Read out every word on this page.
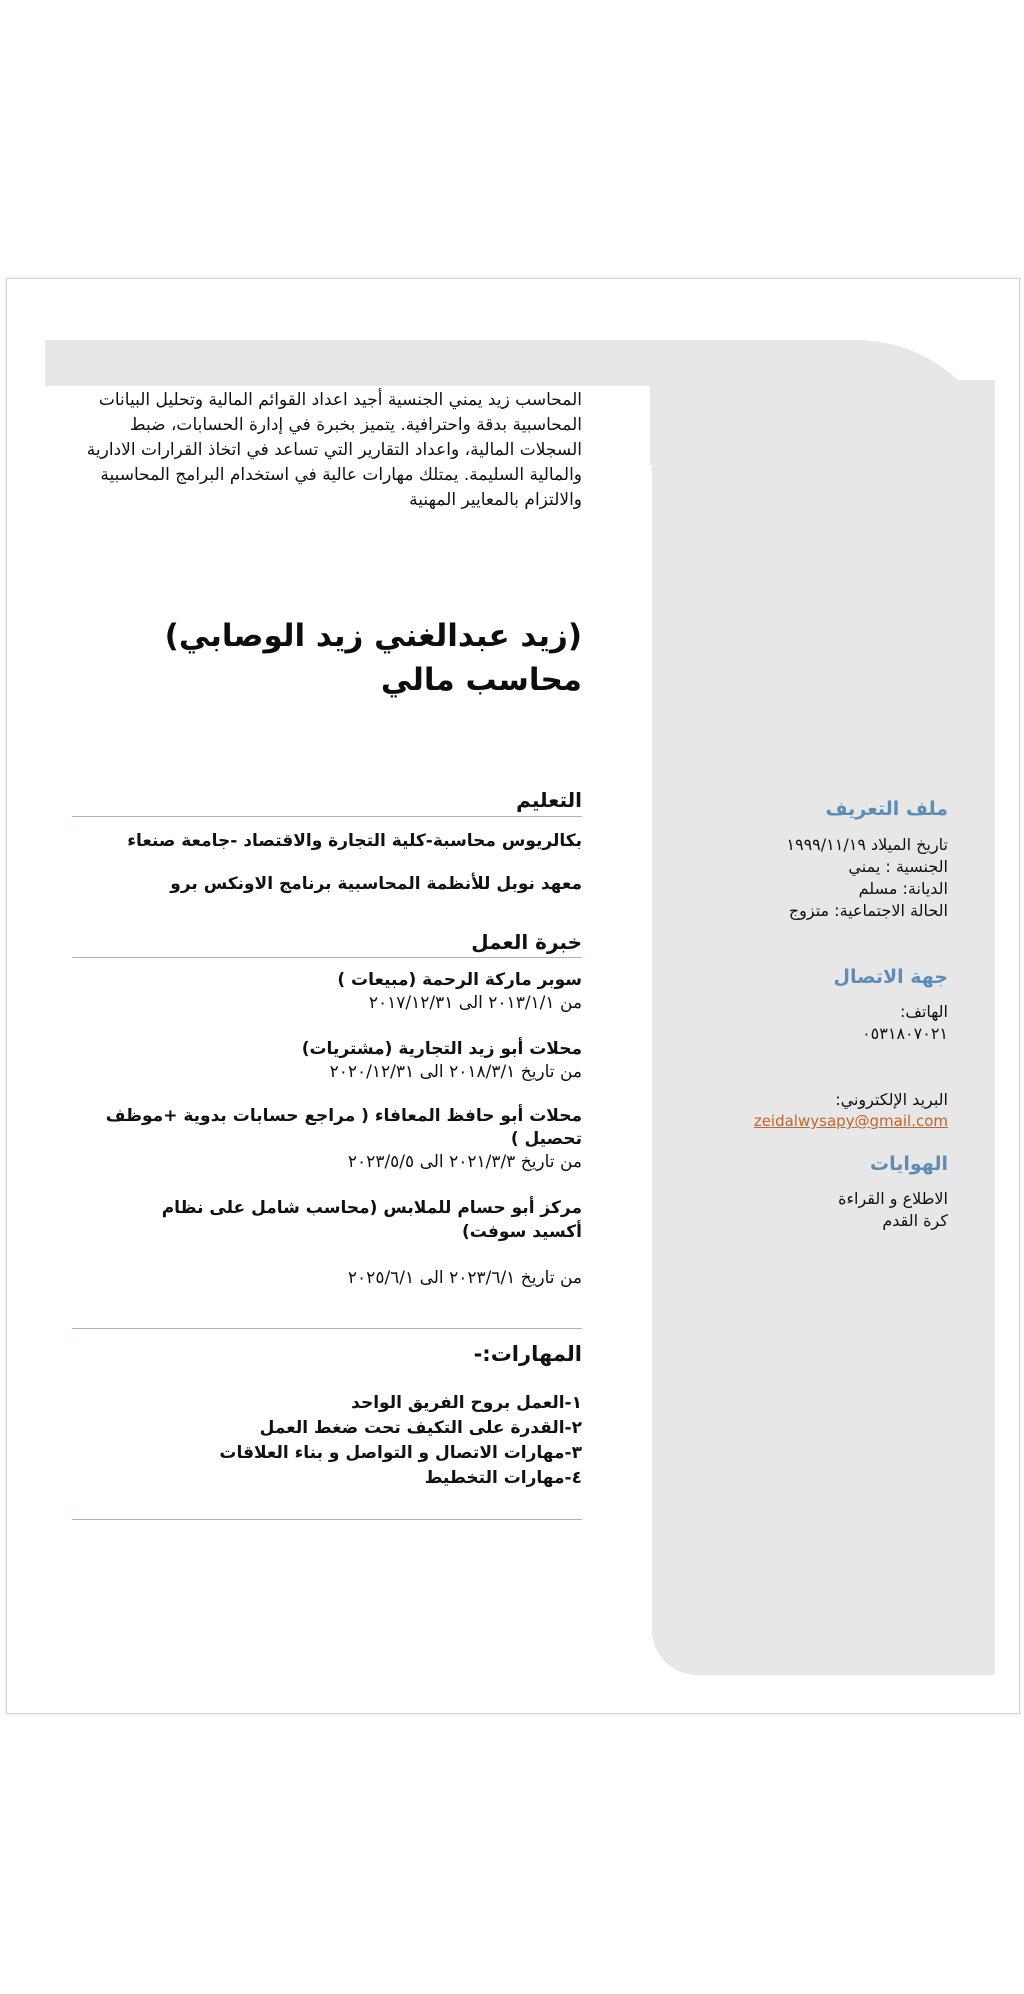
المحاسب زيد يمني الجنسية أجيد اعداد القوائم المالية وتحليل البيانات المحاسبية بدقة واحترافية. يتميز بخبرة في إدارة الحسابات، ضبط السجلات المالية، واعداد التقارير التي تساعد في اتخاذ القرارات الادارية والمالية السليمة. يمتلك مهارات عالية في استخدام البرامج المحاسبية والالتزام بالمعايير المهنية
(زيد عبدالغني زيد الوصابي)
محاسب مالي
التعليم
بكالريوس محاسبة-كلية التجارة والاقتصاد -جامعة صنعاء
معهد نوبل للأنظمة المحاسبية برنامج الاونكس برو
خبرة العمل
سوبر ماركة الرحمة (مبيعات )
من ٢٠١٣/١/١ الى ٢٠١٧/١٢/٣١
محلات أبو زيد التجارية (مشتريات)
من تاريخ ٢٠١٨/٣/١ الى ٢٠٢٠/١٢/٣١
محلات أبو حافظ المعافاء ( مراجع حسابات بدوية +موظف
تحصيل )
من تاريخ ٢٠٢١/٣/٣ الى ٢٠٢٣/٥/٥
مركز أبو حسام للملابس (محاسب شامل على نظام
أكسيد سوفت)
من تاريخ ٢٠٢٣/٦/١ الى ٢٠٢٥/٦/١
المهارات:-
١-العمل بروح الفريق الواحد
٢-القدرة على التكيف تحت ضغط العمل
٣-مهارات الاتصال و التواصل و بناء العلاقات
٤-مهارات التخطيط
ملف التعريف
تاريخ الميلاد ١٩٩٩/١١/١٩
الجنسية : يمني
الديانة: مسلم
الحالة الاجتماعية: متزوج
جهة الاتصال
الهاتف:
٠٥٣١٨٠٧٠٢١
البريد الإلكتروني:
zeidalwysapy@gmail.com
الهوايات
الاطلاع و القراءة
كرة القدم
